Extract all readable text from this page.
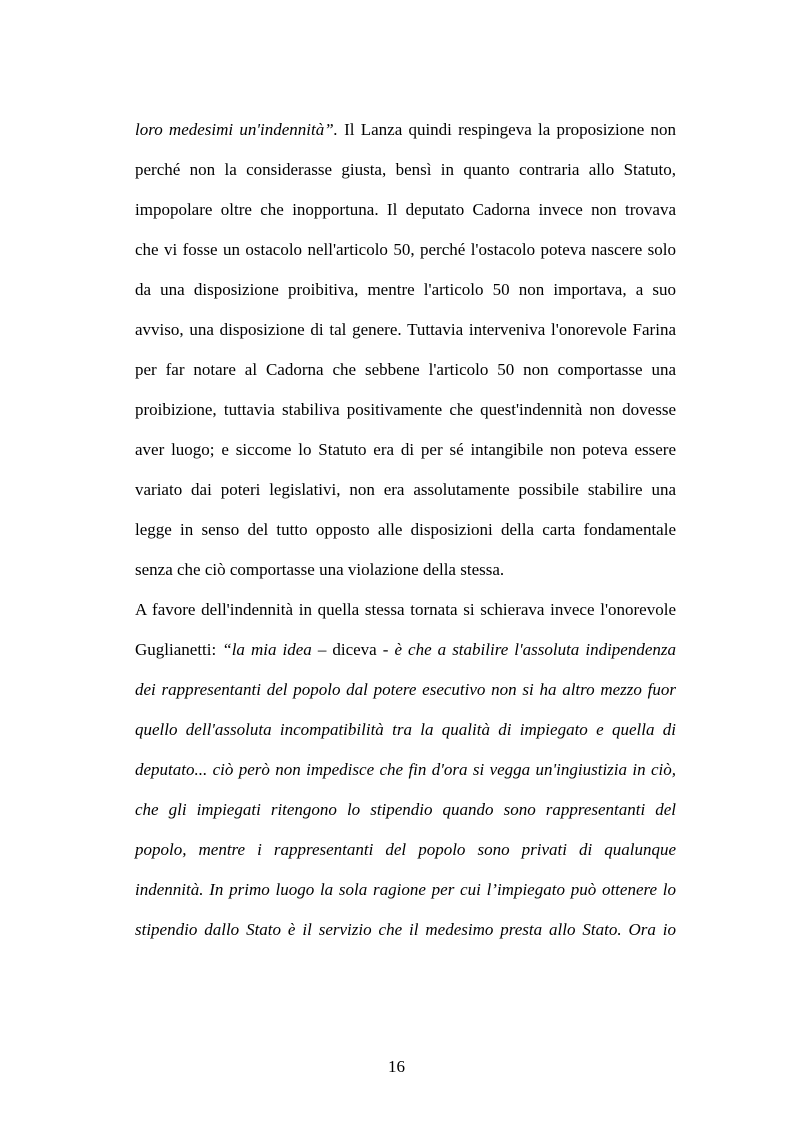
loro medesimi un'indennità”. Il Lanza quindi respingeva la proposizione non
perché non la considerasse giusta, bensì in quanto contraria allo Statuto,
impopolare oltre che inopportuna. Il deputato Cadorna invece non trovava
che vi fosse un ostacolo nell'articolo 50, perché l'ostacolo poteva nascere solo
da una disposizione proibitiva, mentre l'articolo 50 non importava, a suo
avviso, una disposizione di tal genere. Tuttavia interveniva l'onorevole Farina
per far notare al Cadorna che sebbene l'articolo 50 non comportasse una
proibizione, tuttavia stabiliva positivamente che quest'indennità non dovesse
aver luogo; e siccome lo Statuto era di per sé intangibile non poteva essere
variato dai poteri legislativi, non era assolutamente possibile stabilire una
legge in senso del tutto opposto alle disposizioni della carta fondamentale
senza che ciò comportasse una violazione della stessa.
A favore dell'indennità in quella stessa tornata si schierava invece l'onorevole
Guglianetti: “la mia idea – diceva - è che a stabilire l'assoluta indipendenza
dei rappresentanti del popolo dal potere esecutivo non si ha altro mezzo fuor
quello dell'assoluta incompatibilità tra la qualità di impiegato e quella di
deputato... ciò però non impedisce che fin d'ora si vegga un'ingiustizia in ciò,
che gli impiegati ritengono lo stipendio quando sono rappresentanti del
popolo, mentre i rappresentanti del popolo sono privati di qualunque
indennità. In primo luogo la sola ragione per cui l’impiegato può ottenere lo
stipendio dallo Stato è il servizio che il medesimo presta allo Stato. Ora io
16
